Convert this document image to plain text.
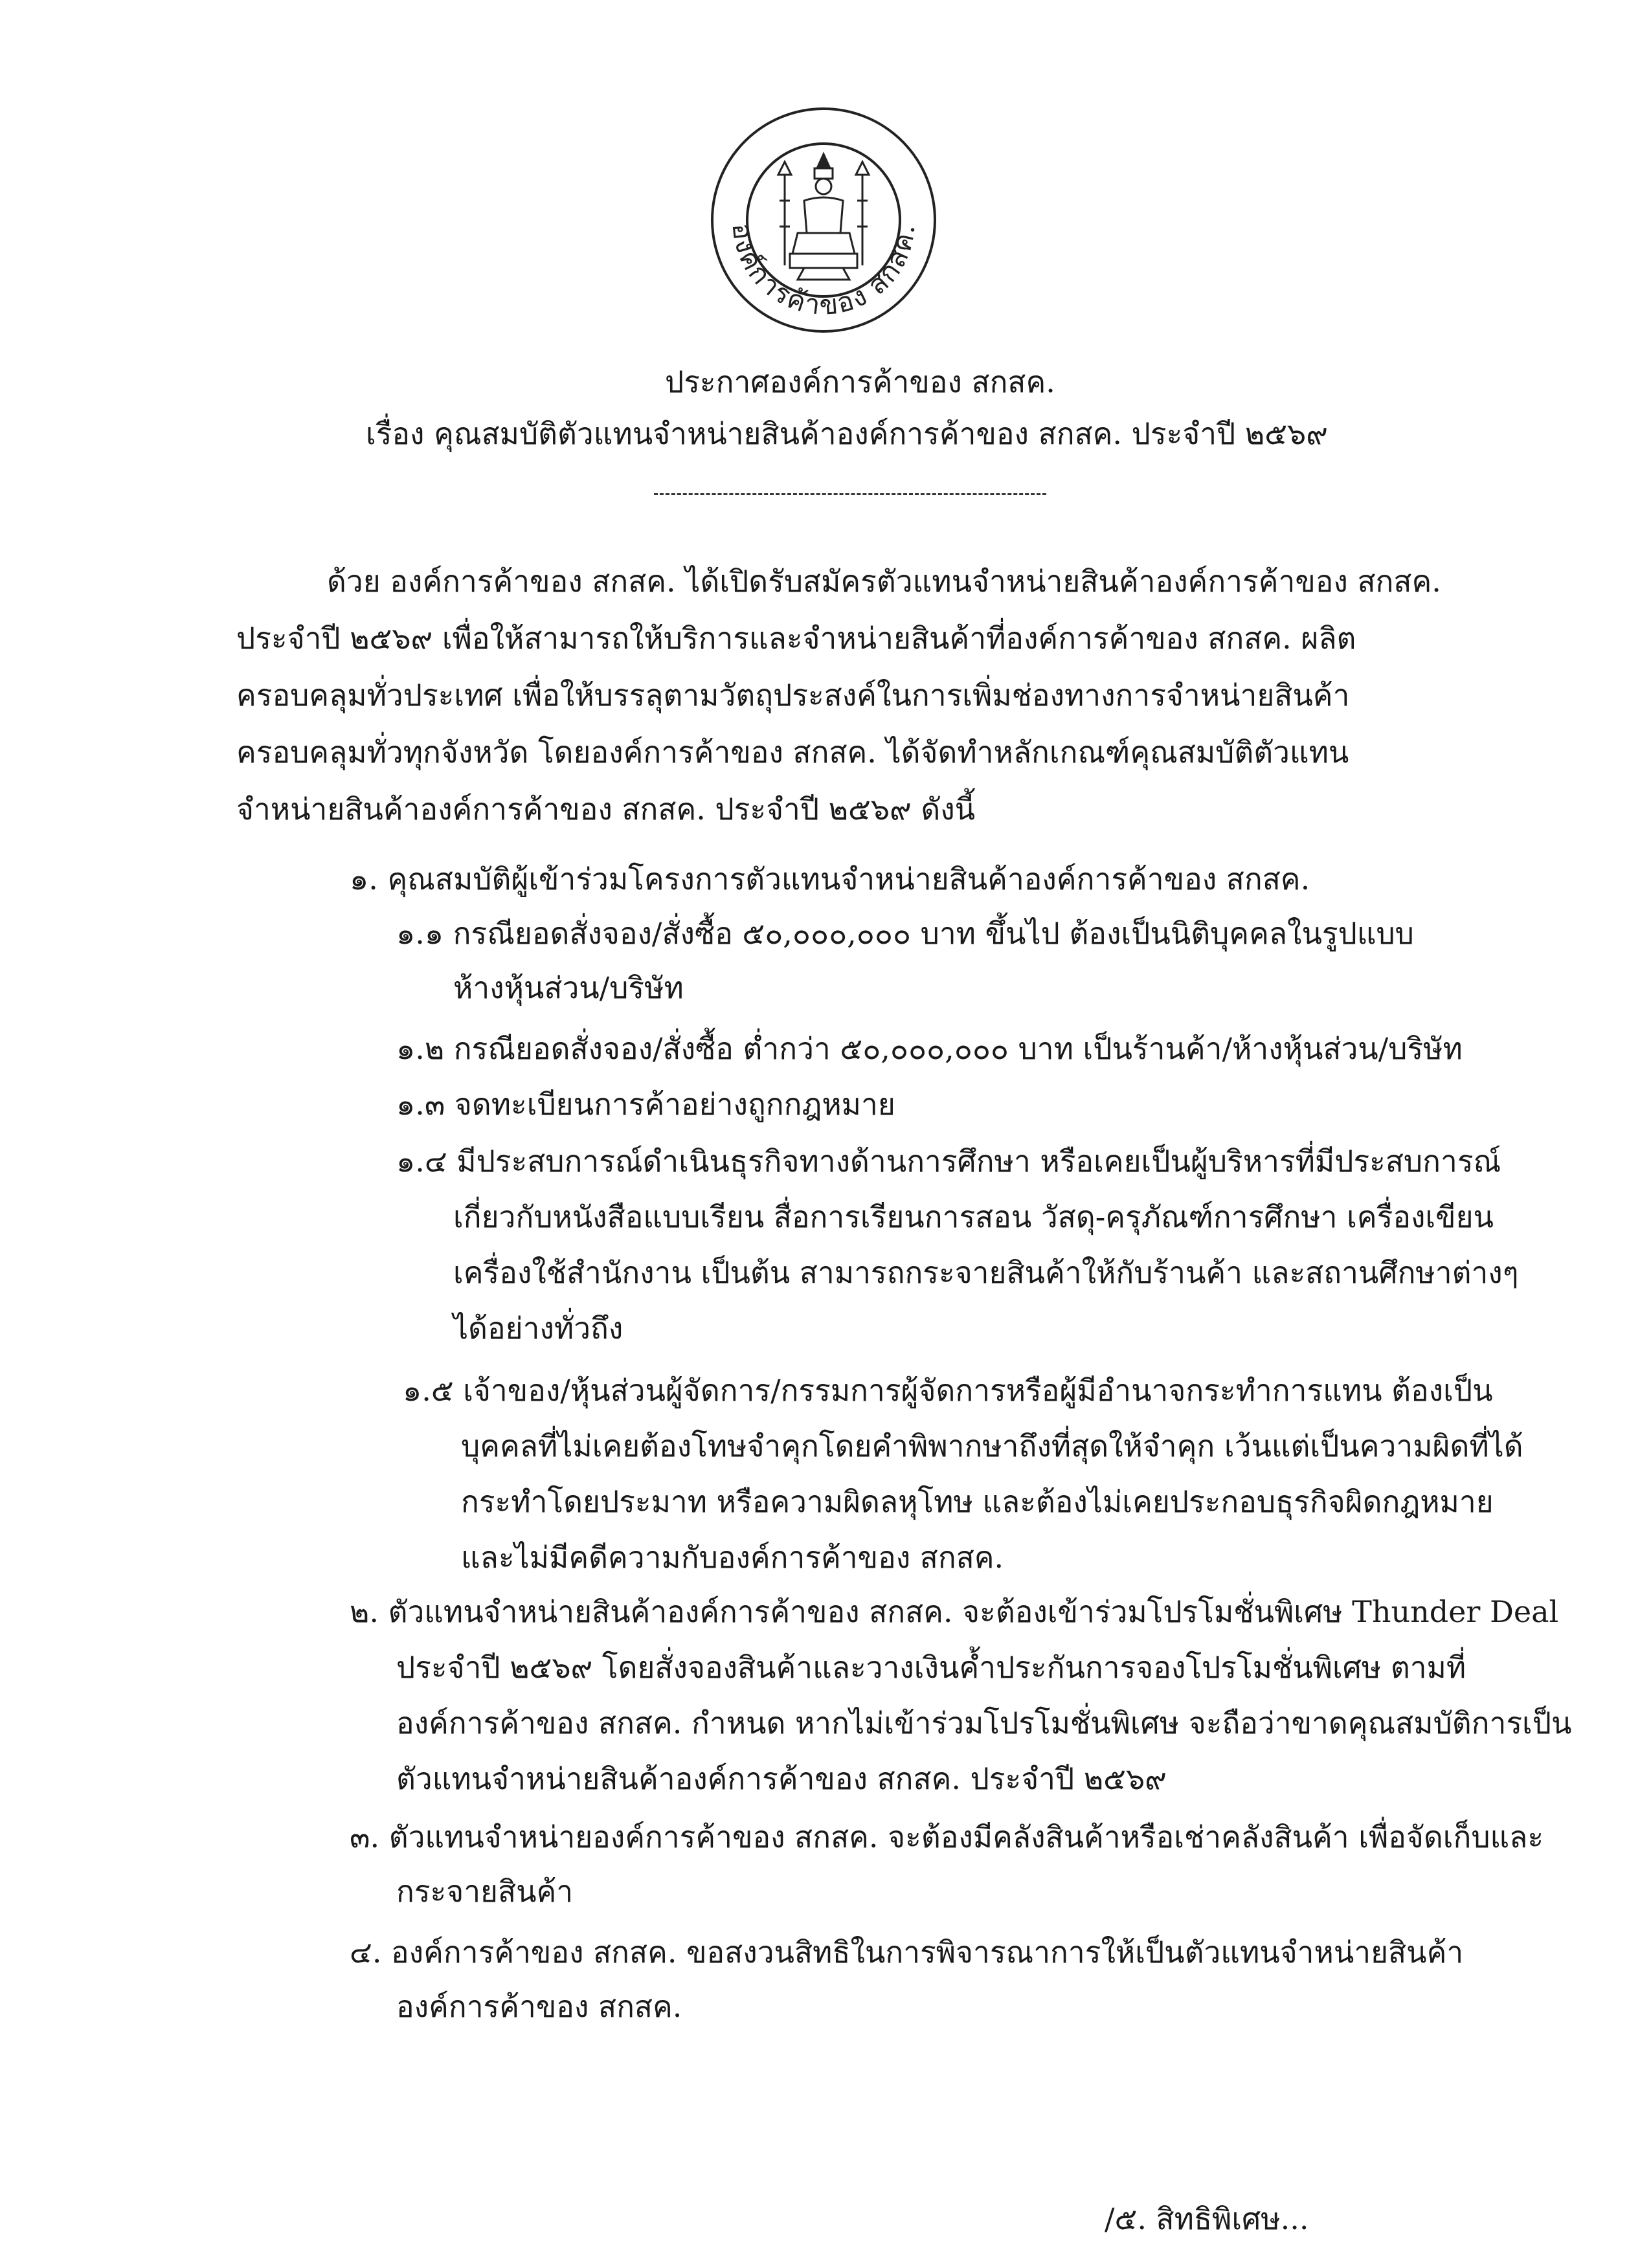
องค์การค้าของ สกสค.
ประกาศองค์การค้าของ สกสค.
เรื่อง คุณสมบัติตัวแทนจำหน่ายสินค้าองค์การค้าของ สกสค. ประจำปี ๒๕๖๙
ด้วย องค์การค้าของ สกสค. ได้เปิดรับสมัครตัวแทนจำหน่ายสินค้าองค์การค้าของ สกสค.
ประจำปี ๒๕๖๙ เพื่อให้สามารถให้บริการและจำหน่ายสินค้าที่องค์การค้าของ สกสค. ผลิต
ครอบคลุมทั่วประเทศ เพื่อให้บรรลุตามวัตถุประสงค์ในการเพิ่มช่องทางการจำหน่ายสินค้า
ครอบคลุมทั่วทุกจังหวัด โดยองค์การค้าของ สกสค. ได้จัดทำหลักเกณฑ์คุณสมบัติตัวแทน
จำหน่ายสินค้าองค์การค้าของ สกสค. ประจำปี ๒๕๖๙ ดังนี้
๑. คุณสมบัติผู้เข้าร่วมโครงการตัวแทนจำหน่ายสินค้าองค์การค้าของ สกสค.
๑.๑ กรณียอดสั่งจอง/สั่งซื้อ ๕๐,๐๐๐,๐๐๐ บาท ขึ้นไป ต้องเป็นนิติบุคคลในรูปแบบ
ห้างหุ้นส่วน/บริษัท
๑.๒ กรณียอดสั่งจอง/สั่งซื้อ ต่ำกว่า ๕๐,๐๐๐,๐๐๐ บาท เป็นร้านค้า/ห้างหุ้นส่วน/บริษัท
๑.๓ จดทะเบียนการค้าอย่างถูกกฎหมาย
๑.๔ มีประสบการณ์ดำเนินธุรกิจทางด้านการศึกษา หรือเคยเป็นผู้บริหารที่มีประสบการณ์
เกี่ยวกับหนังสือแบบเรียน สื่อการเรียนการสอน วัสดุ-ครุภัณฑ์การศึกษา เครื่องเขียน
เครื่องใช้สำนักงาน เป็นต้น สามารถกระจายสินค้าให้กับร้านค้า และสถานศึกษาต่างๆ
ได้อย่างทั่วถึง
๑.๕ เจ้าของ/หุ้นส่วนผู้จัดการ/กรรมการผู้จัดการหรือผู้มีอำนาจกระทำการแทน ต้องเป็น
บุคคลที่ไม่เคยต้องโทษจำคุกโดยคำพิพากษาถึงที่สุดให้จำคุก เว้นแต่เป็นความผิดที่ได้
กระทำโดยประมาท หรือความผิดลหุโทษ และต้องไม่เคยประกอบธุรกิจผิดกฎหมาย
และไม่มีคดีความกับองค์การค้าของ สกสค.
๒. ตัวแทนจำหน่ายสินค้าองค์การค้าของ สกสค. จะต้องเข้าร่วมโปรโมชั่นพิเศษ Thunder Deal
ประจำปี ๒๕๖๙ โดยสั่งจองสินค้าและวางเงินค้ำประกันการจองโปรโมชั่นพิเศษ ตามที่
องค์การค้าของ สกสค. กำหนด หากไม่เข้าร่วมโปรโมชั่นพิเศษ จะถือว่าขาดคุณสมบัติการเป็น
ตัวแทนจำหน่ายสินค้าองค์การค้าของ สกสค. ประจำปี ๒๕๖๙
๓. ตัวแทนจำหน่ายองค์การค้าของ สกสค. จะต้องมีคลังสินค้าหรือเช่าคลังสินค้า เพื่อจัดเก็บและ
กระจายสินค้า
๔. องค์การค้าของ สกสค. ขอสงวนสิทธิในการพิจารณาการให้เป็นตัวแทนจำหน่ายสินค้า
องค์การค้าของ สกสค.
/๕. สิทธิพิเศษ...
